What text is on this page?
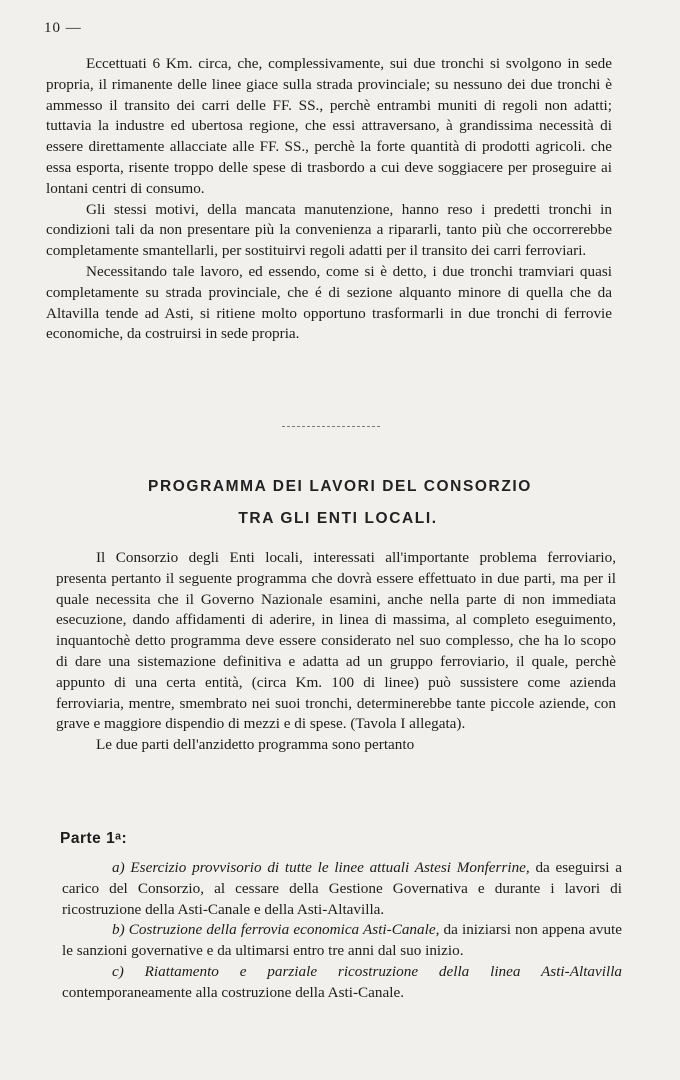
10 —

Eccettuati 6 Km. circa, che, complessivamente, sui due tronchi si svolgono in sede propria, il rimanente delle linee giace sulla strada provinciale; su nessuno dei due tronchi è ammesso il transito dei carri delle FF. SS., perchè entrambi muniti di regoli non adatti; tuttavia la industre ed ubertosa regione, che essi attraversano, à grandissima necessità di essere direttamente allacciate alle FF. SS., perchè la forte quantità di prodotti agricoli. che essa esporta, risente troppo delle spese di trasbordo a cui deve soggiacere per proseguire ai lontani centri di consumo.

Gli stessi motivi, della mancata manutenzione, hanno reso i predetti tronchi in condizioni tali da non presentare più la convenienza a ripararli, tanto più che occorrerebbe completamente smantellarli, per sostituirvi regoli adatti per il transito dei carri ferroviari.

Necessitando tale lavoro, ed essendo, come si è detto, i due tronchi tramviari quasi completamente su strada provinciale, che é di sezione alquanto minore di quella che da Altavilla tende ad Asti, si ritiene molto opportuno trasformarli in due tronchi di ferrovie economiche, da costruirsi in sede propria.

PROGRAMMA DEI LAVORI DEL CONSORZIO
TRA GLI ENTI LOCALI.

Il Consorzio degli Enti locali, interessati all'importante problema ferroviario, presenta pertanto il seguente programma che dovrà essere effettuato in due parti, ma per il quale necessita che il Governo Nazionale esamini, anche nella parte di non immediata esecuzione, dando affidamenti di aderire, in linea di massima, al completo eseguimento, inquantochè detto programma deve essere considerato nel suo complesso, che ha lo scopo di dare una sistemazione definitiva e adatta ad un gruppo ferroviario, il quale, perchè appunto di una certa entità, (circa Km. 100 di linee) può sussistere come azienda ferroviaria, mentre, smembrato nei suoi tronchi, determinerebbe tante piccole aziende, con grave e maggiore dispendio di mezzi e di spese. (Tavola I allegata).

Le due parti dell'anzidetto programma sono pertanto

Parte 1ᵃ:

a) Esercizio provvisorio di tutte le linee attuali Astesi Monferrine, da eseguirsi a carico del Consorzio, al cessare della Gestione Governativa e durante i lavori di ricostruzione della Asti-Canale e della Asti-Altavilla.

b) Costruzione della ferrovia economica Asti-Canale, da iniziarsi non appena avute le sanzioni governative e da ultimarsi entro tre anni dal suo inizio.

c) Riattamento e parziale ricostruzione della linea Asti-Altavilla contemporaneamente alla costruzione della Asti-Canale.
